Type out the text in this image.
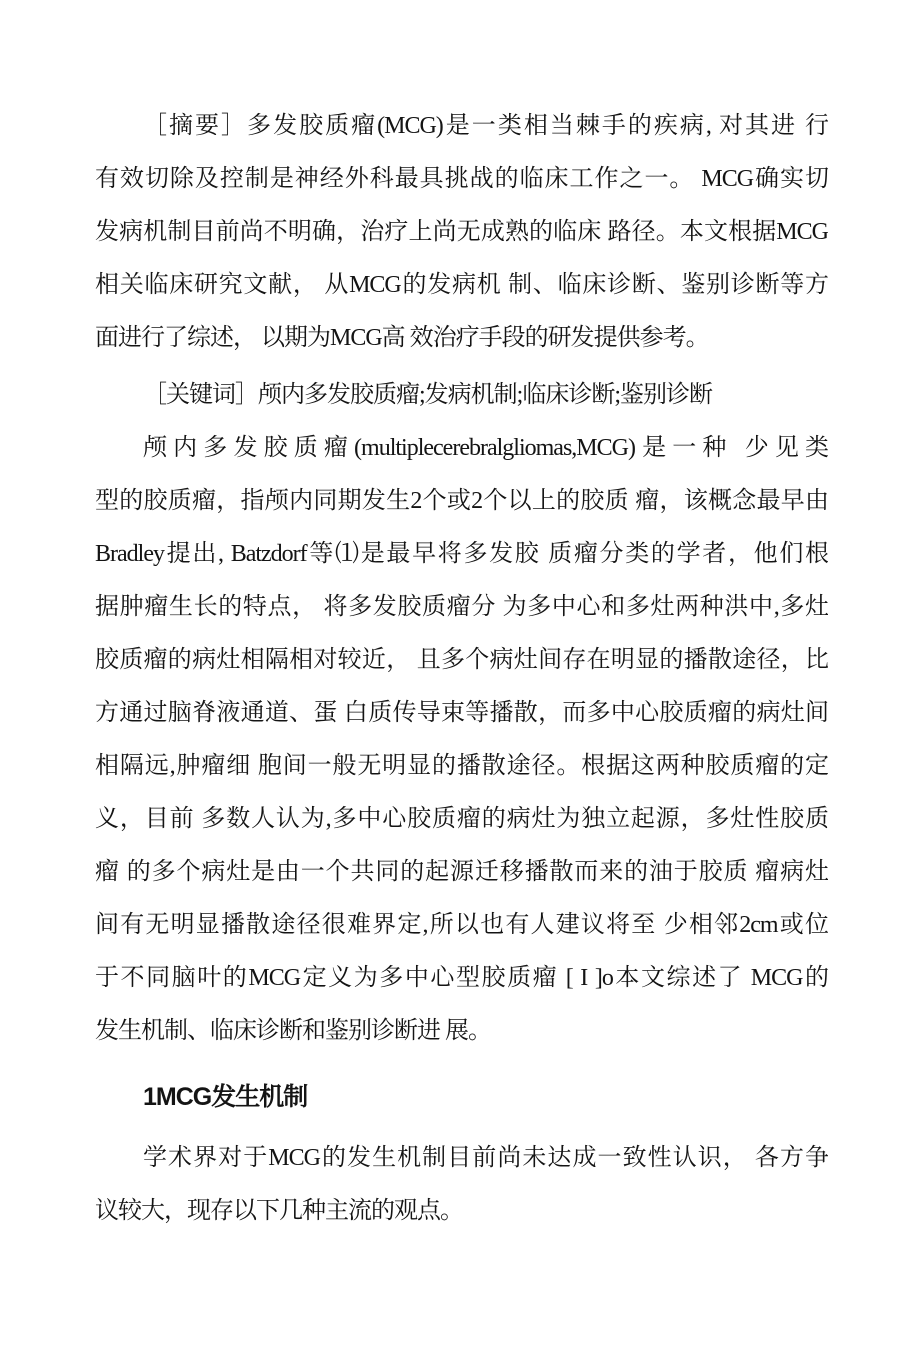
［摘要］多发胶质瘤(MCG)是一类相当棘手的疾病, 对其进 行
有效切除及控制是神经外科最具挑战的临床工作之一。 MCG确实切
发病机制目前尚不明确，治疗上尚无成熟的临床 路径。本文根据MCG
相关临床研究文献， 从MCG的发病机 制、临床诊断、鉴别诊断等方
面进行了综述， 以期为MCG高 效治疗手段的研发提供参考。
［关键词］颅内多发胶质瘤;发病机制;临床诊断;鉴别诊断
颅内多发胶质瘤(multiplecerebralgliomas,MCG)是一种 少见类
型的胶质瘤，指颅内同期发生2个或2个以上的胶质 瘤，该概念最早由
Bradley提出, Batzdorf等⑴是最早将多发胶 质瘤分类的学者，他们根
据肿瘤生长的特点， 将多发胶质瘤分 为多中心和多灶两种洪中,多灶
胶质瘤的病灶相隔相对较近， 且多个病灶间存在明显的播散途径，比
方通过脑脊液通道、蛋 白质传导束等播散，而多中心胶质瘤的病灶间
相隔远,肿瘤细 胞间一般无明显的播散途径。根据这两种胶质瘤的定
义，目前 多数人认为,多中心胶质瘤的病灶为独立起源，多灶性胶质
瘤 的多个病灶是由一个共同的起源迁移播散而来的油于胶质 瘤病灶
间有无明显播散途径很难界定,所以也有人建议将至 少相邻2cm或位
于不同脑叶的MCG定义为多中心型胶质瘤 [ I ]o本文综述了 MCG的
发生机制、临床诊断和鉴别诊断进 展。
1MCG发生机制
学术界对于MCG的发生机制目前尚未达成一致性认识， 各方争
议较大，现存以下几种主流的观点。
